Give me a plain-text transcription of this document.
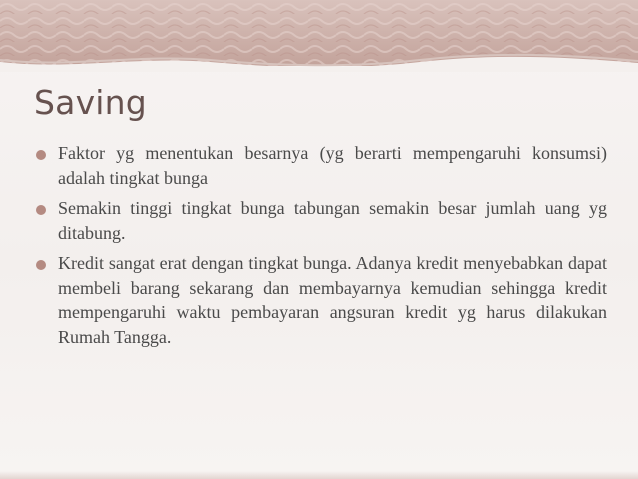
Saving
Faktor yg menentukan besarnya (yg berarti mempengaruhi konsumsi) adalah tingkat bunga
Semakin tinggi tingkat bunga tabungan semakin besar jumlah uang yg ditabung.
Kredit sangat erat dengan tingkat bunga. Adanya kredit menyebabkan dapat membeli barang sekarang dan membayarnya kemudian sehingga kredit mempengaruhi waktu pembayaran angsuran kredit yg harus dilakukan Rumah Tangga.
